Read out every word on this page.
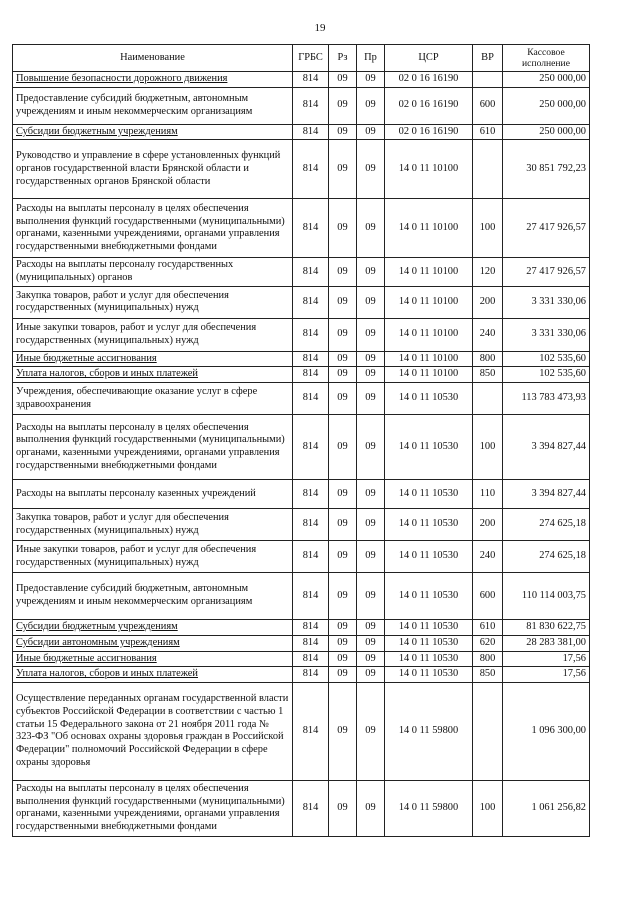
19
Наименование	ГРБС	Рз	Пр	ЦСР	ВР	Кассовое
исполнение
Повышение безопасности дорожного движения	814	09	09	02 0 16 16190		250 000,00
Предоставление субсидий бюджетным, автономным учреждениям и иным некоммерческим организациям	814	09	09	02 0 16 16190	600	250 000,00
Субсидии бюджетным учреждениям	814	09	09	02 0 16 16190	610	250 000,00
Руководство и управление в сфере установленных функций органов государственной власти Брянской области и государственных органов Брянской области	814	09	09	14 0 11 10100		30 851 792,23
Расходы на выплаты персоналу в целях обеспечения выполнения функций государственными (муниципальными) органами, казенными учреждениями, органами управления государственными внебюджетными фондами	814	09	09	14 0 11 10100	100	27 417 926,57
Расходы на выплаты персоналу государственных (муниципальных) органов	814	09	09	14 0 11 10100	120	27 417 926,57
Закупка товаров, работ и услуг для обеспечения государственных (муниципальных) нужд	814	09	09	14 0 11 10100	200	3 331 330,06
Иные закупки товаров, работ и услуг для обеспечения государственных (муниципальных) нужд	814	09	09	14 0 11 10100	240	3 331 330,06
Иные бюджетные ассигнования	814	09	09	14 0 11 10100	800	102 535,60
Уплата налогов, сборов и иных платежей	814	09	09	14 0 11 10100	850	102 535,60
Учреждения, обеспечивающие оказание услуг в сфере здравоохранения	814	09	09	14 0 11 10530		113 783 473,93
Расходы на выплаты персоналу в целях обеспечения выполнения функций государственными (муниципальными) органами, казенными учреждениями, органами управления государственными внебюджетными фондами	814	09	09	14 0 11 10530	100	3 394 827,44
Расходы на выплаты персоналу казенных учреждений	814	09	09	14 0 11 10530	110	3 394 827,44
Закупка товаров, работ и услуг для обеспечения государственных (муниципальных) нужд	814	09	09	14 0 11 10530	200	274 625,18
Иные закупки товаров, работ и услуг для обеспечения государственных (муниципальных) нужд	814	09	09	14 0 11 10530	240	274 625,18
Предоставление субсидий бюджетным, автономным учреждениям и иным некоммерческим организациям	814	09	09	14 0 11 10530	600	110 114 003,75
Субсидии бюджетным учреждениям	814	09	09	14 0 11 10530	610	81 830 622,75
Субсидии автономным учреждениям	814	09	09	14 0 11 10530	620	28 283 381,00
Иные бюджетные ассигнования	814	09	09	14 0 11 10530	800	17,56
Уплата налогов, сборов и иных платежей	814	09	09	14 0 11 10530	850	17,56
Осуществление переданных органам государственной власти субъектов Российской Федерации в соответствии с частью 1 статьи 15 Федерального закона от 21 ноября 2011 года № 323-ФЗ "Об основах охраны здоровья граждан в Российской Федерации" полномочий Российской Федерации в сфере охраны здоровья	814	09	09	14 0 11 59800		1 096 300,00
Расходы на выплаты персоналу в целях обеспечения выполнения функций государственными (муниципальными) органами, казенными учреждениями, органами управления государственными внебюджетными фондами	814	09	09	14 0 11 59800	100	1 061 256,82
